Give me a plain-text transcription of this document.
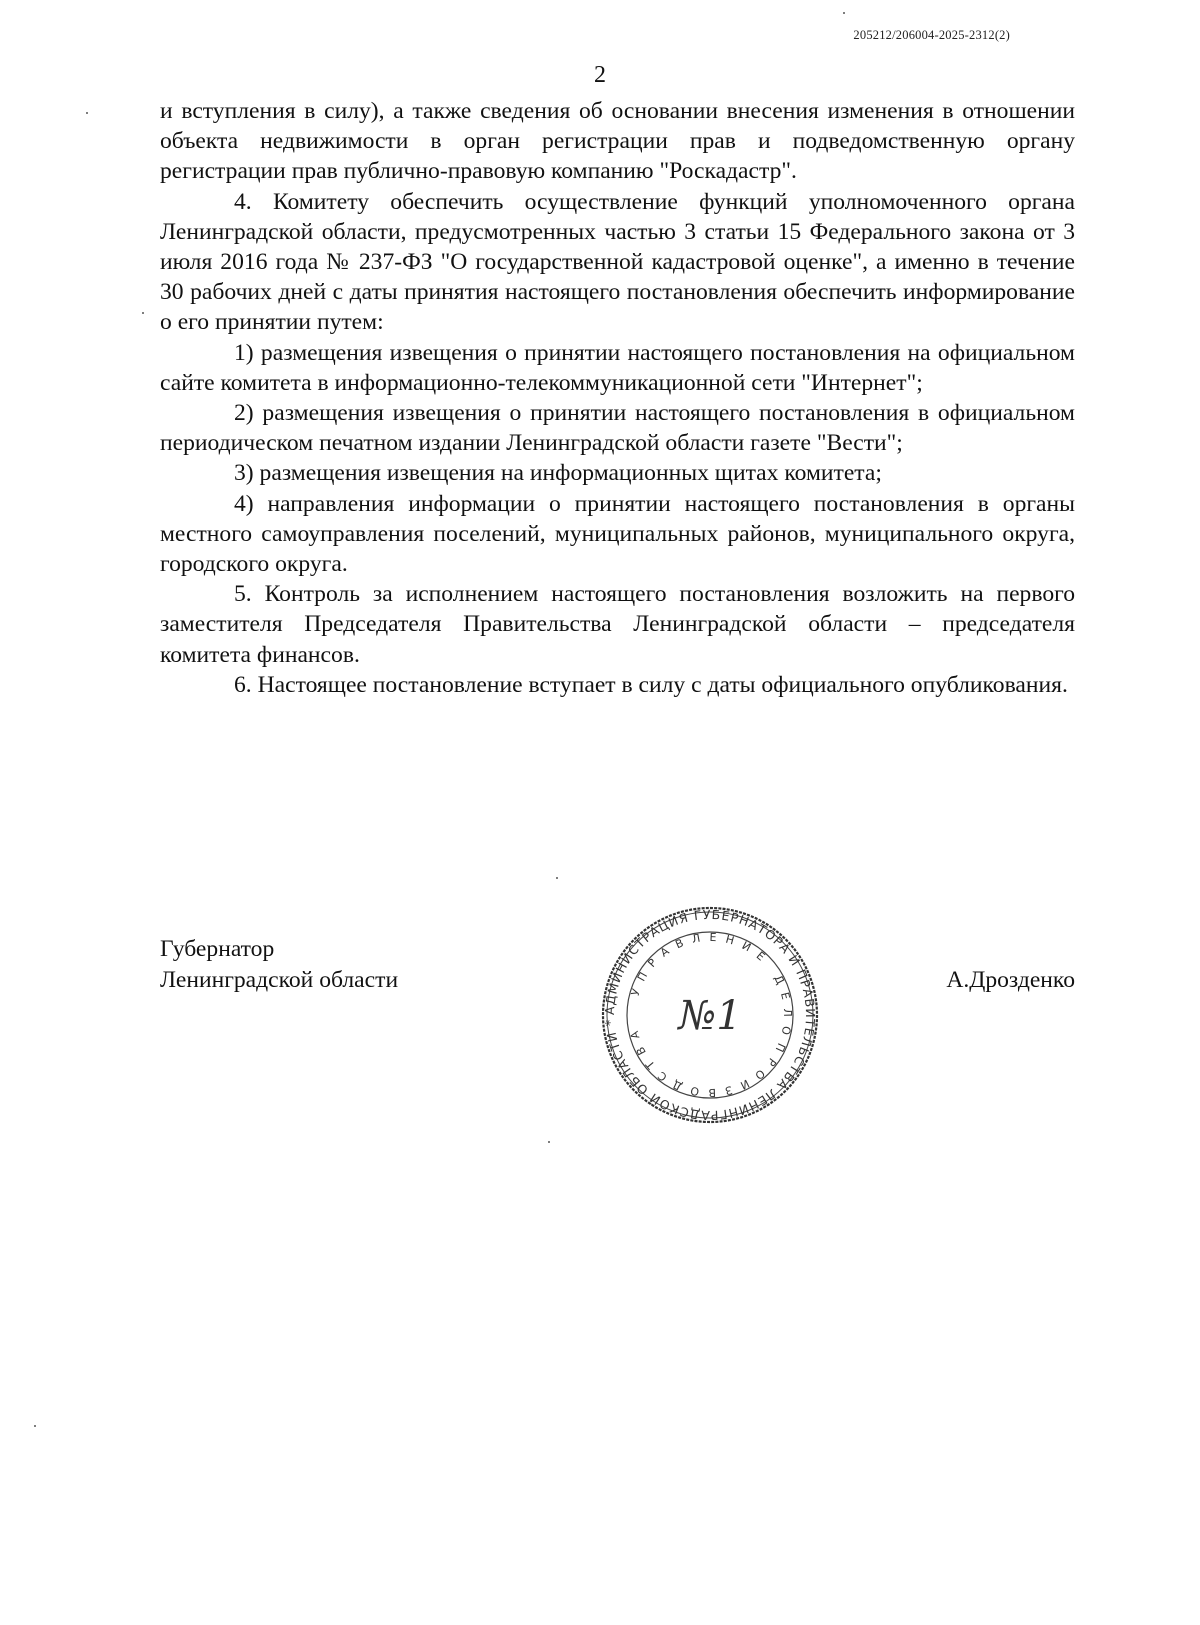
205212/206004-2025-2312(2)
2

и вступления в силу), а также сведения об основании внесения изменения в отношении объекта недвижимости в орган регистрации прав и подведомственную органу регистрации прав публично-правовую компанию "Роскадастр".

4. Комитету обеспечить осуществление функций уполномоченного органа Ленинградской области, предусмотренных частью 3 статьи 15 Федерального закона от 3 июля 2016 года № 237-ФЗ "О государственной кадастровой оценке", а именно в течение 30 рабочих дней с даты принятия настоящего постановления обеспечить информирование о его принятии путем:

1) размещения извещения о принятии настоящего постановления на официальном сайте комитета в информационно-телекоммуникационной сети "Интернет";

2) размещения извещения о принятии настоящего постановления в официальном периодическом печатном издании Ленинградской области газете "Вести";

3) размещения извещения на информационных щитах комитета;

4) направления информации о принятии настоящего постановления в органы местного самоуправления поселений, муниципальных районов, муниципального округа, городского округа.

5. Контроль за исполнением настоящего постановления возложить на первого заместителя Председателя Правительства Ленинградской области – председателя комитета финансов.

6. Настоящее постановление вступает в силу с даты официального опубликования.

Губернатор
Ленинградской области	А.Дрозденко
АДМИНИСТРАЦИЯ ГУБЕРНАТОРА И ПРАВИТЕЛЬСТВА ЛЕНИНГРАДСКОЙ ОБЛАСТИ *
УПРАВЛЕНИЕ ДЕЛОПРОИЗВОДСТВА №1
